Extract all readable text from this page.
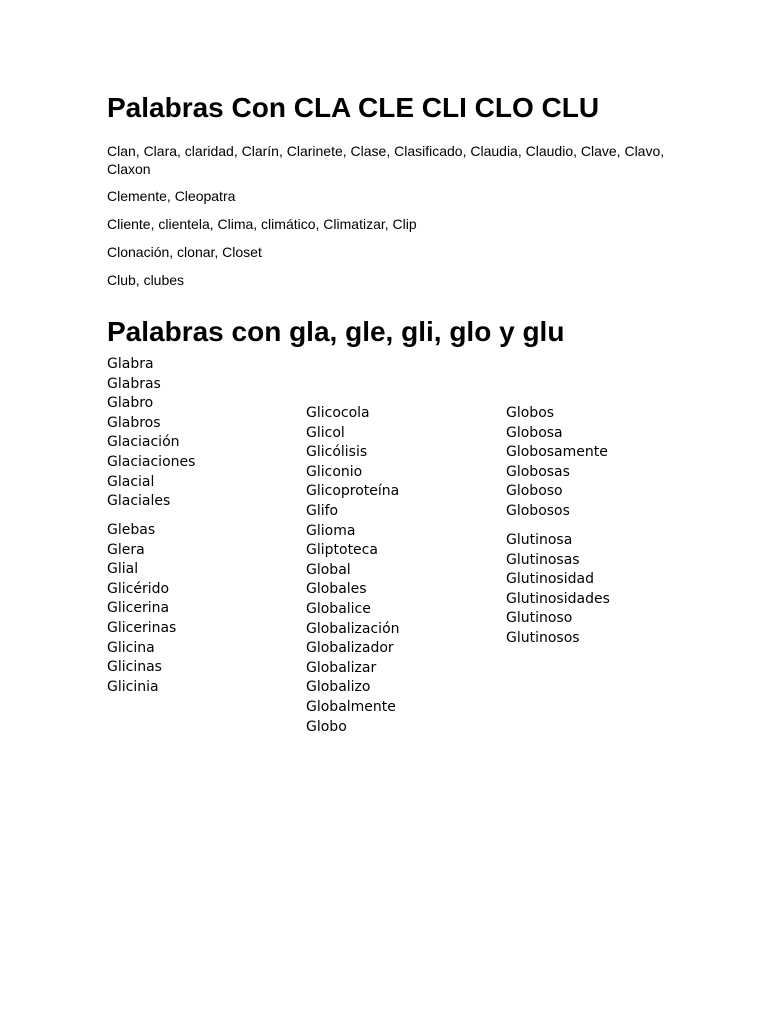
Palabras Con CLA CLE CLI CLO CLU

Clan, Clara, claridad, Clarín, Clarinete, Clase, Clasificado, Claudia, Claudio, Clave, Clavo, Claxon

Clemente, Cleopatra

Cliente, clientela, Clima, climático, Climatizar, Clip

Clonación, clonar, Closet

Club, clubes

Palabras con gla, gle, gli, glo y glu
Glabra
Glabras
Glabro
Glabros
Glaciación
Glaciaciones
Glacial
Glaciales
Glebas
Glera
Glial
Glicérido
Glicerina
Glicerinas
Glicina
Glicinas
Glicinia
Glicocola
Glicol
Glicólisis
Gliconio
Glicoproteína
Glifo
Glioma
Gliptoteca
Global
Globales
Globalice
Globalización
Globalizador
Globalizar
Globalizo
Globalmente
Globo
Globos
Globosa
Globosamente
Globosas
Globoso
Globosos
Glutinosa
Glutinosas
Glutinosidad
Glutinosidades
Glutinoso
Glutinosos
